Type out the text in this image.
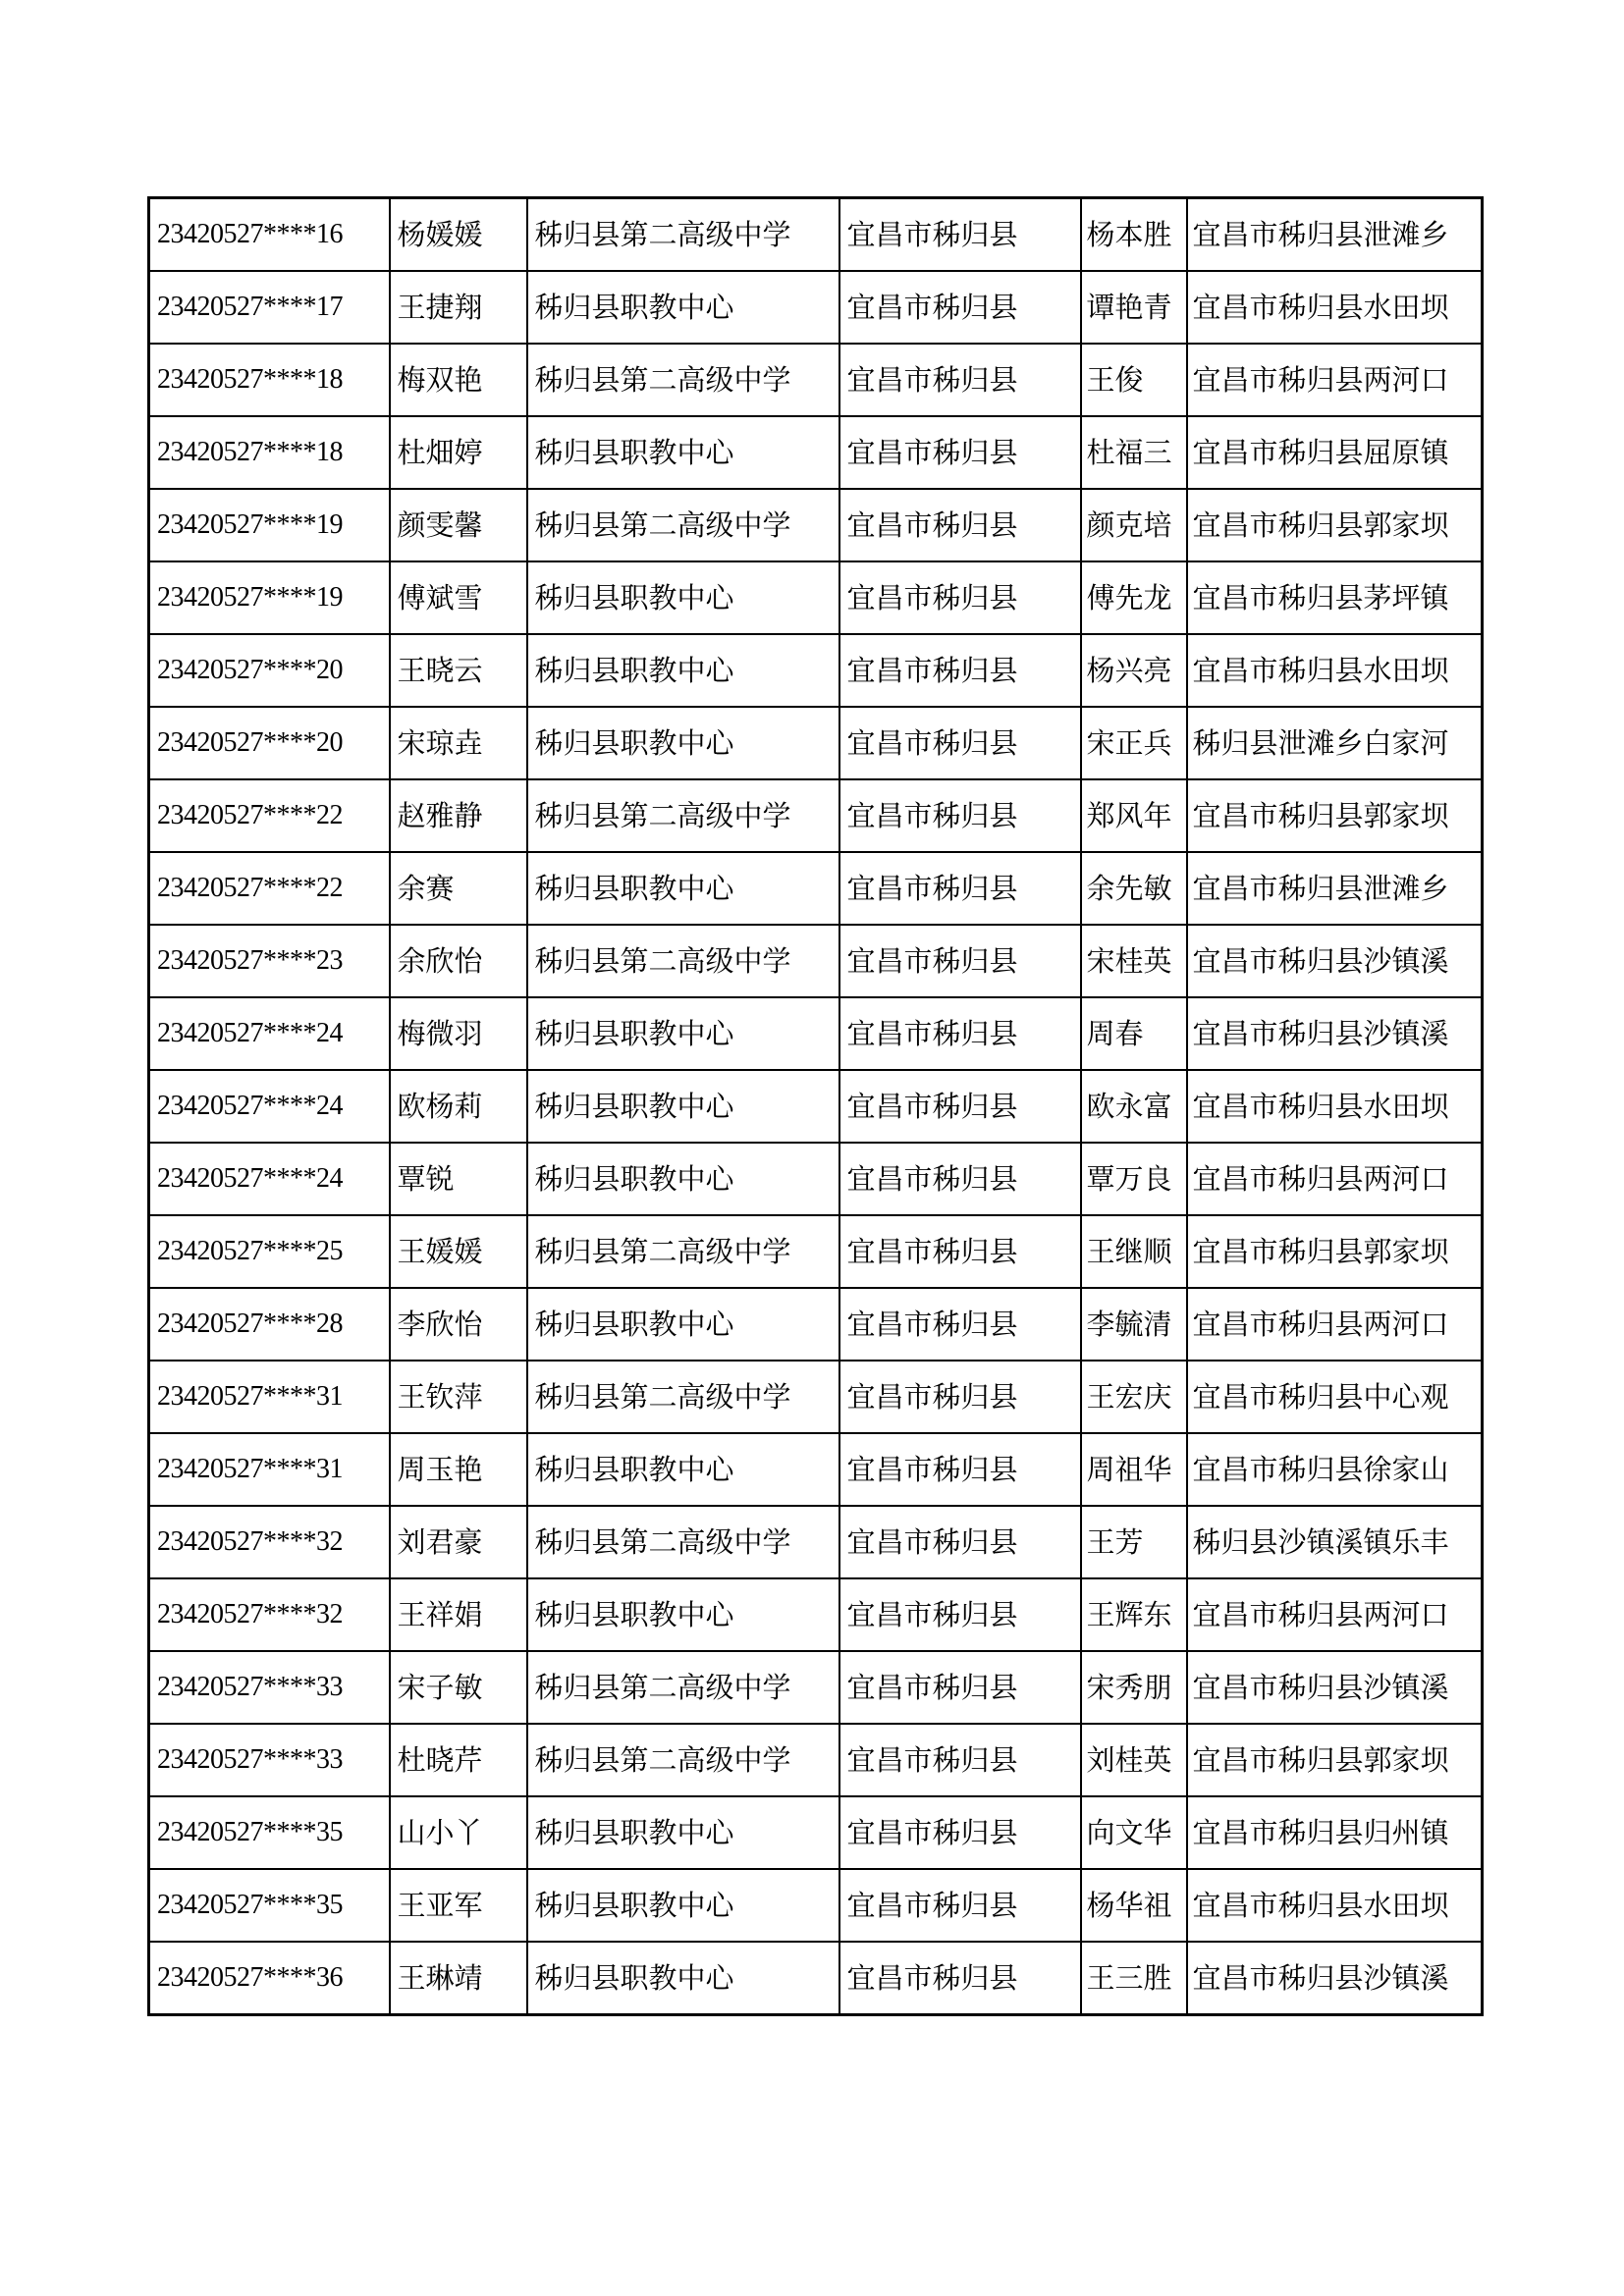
23420527****16	杨媛媛	秭归县第二高级中学	宜昌市秭归县	杨本胜	宜昌市秭归县泄滩乡
23420527****17	王捷翔	秭归县职教中心	宜昌市秭归县	谭艳青	宜昌市秭归县水田坝
23420527****18	梅双艳	秭归县第二高级中学	宜昌市秭归县	王俊	宜昌市秭归县两河口
23420527****18	杜畑婷	秭归县职教中心	宜昌市秭归县	杜福三	宜昌市秭归县屈原镇
23420527****19	颜雯馨	秭归县第二高级中学	宜昌市秭归县	颜克培	宜昌市秭归县郭家坝
23420527****19	傅斌雪	秭归县职教中心	宜昌市秭归县	傅先龙	宜昌市秭归县茅坪镇
23420527****20	王晓云	秭归县职教中心	宜昌市秭归县	杨兴亮	宜昌市秭归县水田坝
23420527****20	宋琼垚	秭归县职教中心	宜昌市秭归县	宋正兵	秭归县泄滩乡白家河
23420527****22	赵雅静	秭归县第二高级中学	宜昌市秭归县	郑风年	宜昌市秭归县郭家坝
23420527****22	余赛	秭归县职教中心	宜昌市秭归县	余先敏	宜昌市秭归县泄滩乡
23420527****23	余欣怡	秭归县第二高级中学	宜昌市秭归县	宋桂英	宜昌市秭归县沙镇溪
23420527****24	梅微羽	秭归县职教中心	宜昌市秭归县	周春	宜昌市秭归县沙镇溪
23420527****24	欧杨莉	秭归县职教中心	宜昌市秭归县	欧永富	宜昌市秭归县水田坝
23420527****24	覃锐	秭归县职教中心	宜昌市秭归县	覃万良	宜昌市秭归县两河口
23420527****25	王媛媛	秭归县第二高级中学	宜昌市秭归县	王继顺	宜昌市秭归县郭家坝
23420527****28	李欣怡	秭归县职教中心	宜昌市秭归县	李毓清	宜昌市秭归县两河口
23420527****31	王钦萍	秭归县第二高级中学	宜昌市秭归县	王宏庆	宜昌市秭归县中心观
23420527****31	周玉艳	秭归县职教中心	宜昌市秭归县	周祖华	宜昌市秭归县徐家山
23420527****32	刘君豪	秭归县第二高级中学	宜昌市秭归县	王芳	秭归县沙镇溪镇乐丰
23420527****32	王祥娟	秭归县职教中心	宜昌市秭归县	王辉东	宜昌市秭归县两河口
23420527****33	宋子敏	秭归县第二高级中学	宜昌市秭归县	宋秀朋	宜昌市秭归县沙镇溪
23420527****33	杜晓芹	秭归县第二高级中学	宜昌市秭归县	刘桂英	宜昌市秭归县郭家坝
23420527****35	山小丫	秭归县职教中心	宜昌市秭归县	向文华	宜昌市秭归县归州镇
23420527****35	王亚军	秭归县职教中心	宜昌市秭归县	杨华祖	宜昌市秭归县水田坝
23420527****36	王琳靖	秭归县职教中心	宜昌市秭归县	王三胜	宜昌市秭归县沙镇溪
